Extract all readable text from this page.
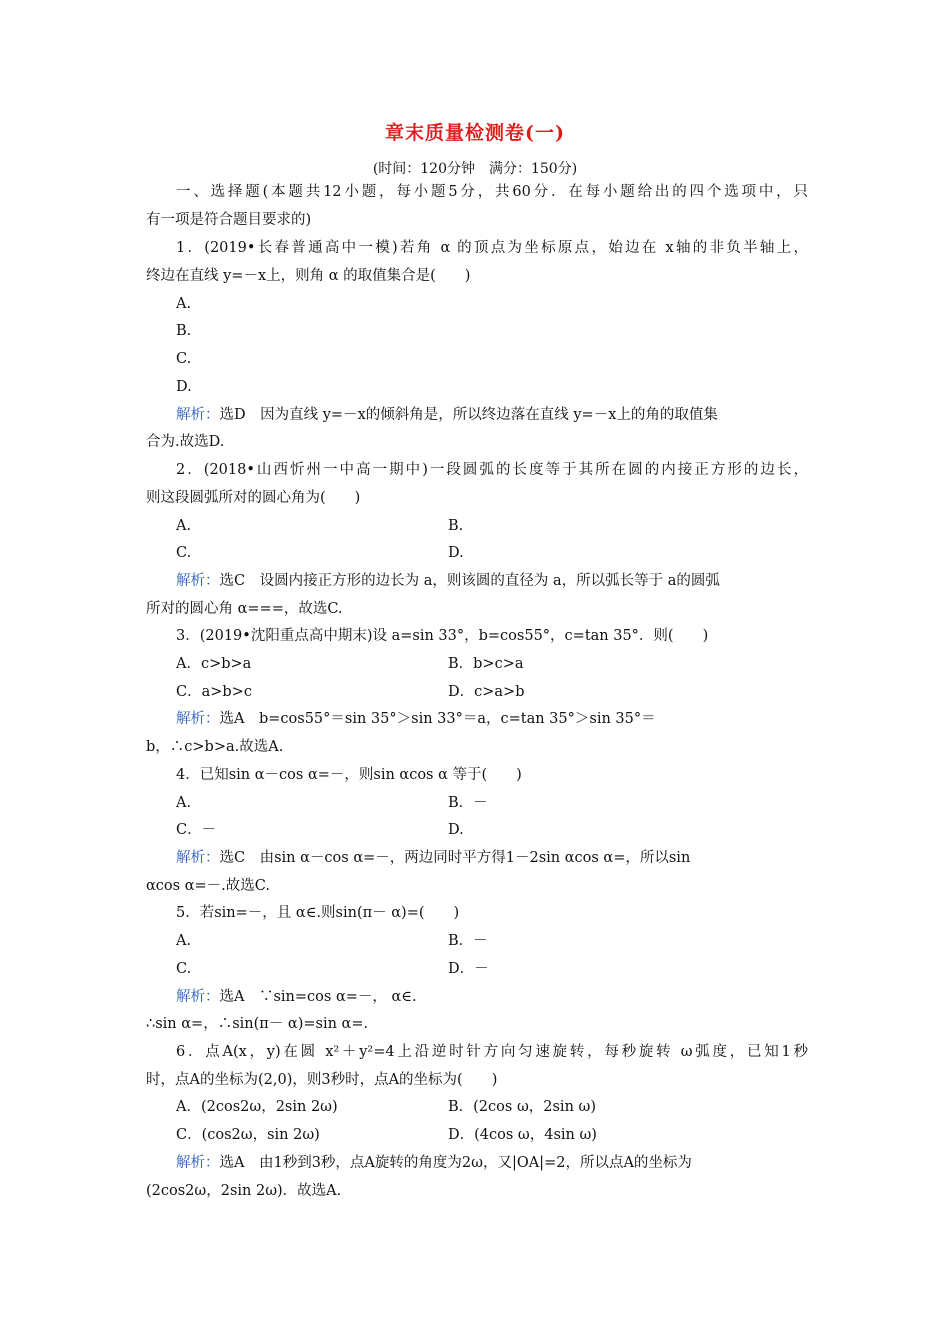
章末质量检测卷(一)
(时间：120分钟　满分：150分)
一、选择题(本题共12小题，每小题5分，共60分．在每小题给出的四个选项中，只
有一项是符合题目要求的)
1．(2019•长春普通高中一模)若角 α 的顶点为坐标原点，始边在 x轴的非负半轴上，
终边在直线 y=－x上，则角 α 的取值集合是(　　)
A.
B.
C.
D.
解析：选D　因为直线 y=－x的倾斜角是，所以终边落在直线 y=－x上的角的取值集
合为.故选D.
2．(2018•山西忻州一中高一期中)一段圆弧的长度等于其所在圆的内接正方形的边长，
则这段圆弧所对的圆心角为(　　)
A.	B.
C.	D.
解析：选C　设圆内接正方形的边长为 a，则该圆的直径为 a，所以弧长等于 a的圆弧
所对的圆心角 α===，故选C.
3．(2019•沈阳重点高中期末)设 a=sin 33°，b=cos55°，c=tan 35°．则(　　)
A．c>b>a	B．b>c>a
C．a>b>c	D．c>a>b
解析：选A　b=cos55°＝sin 35°＞sin 33°＝a，c=tan 35°＞sin 35°＝
b，∴c>b>a.故选A.
4．已知sin α－cos α=－，则sin αcos α 等于(　　)
A.	B．－
C．－	D.
解析：选C　由sin α－cos α=－，两边同时平方得1－2sin αcos α=，所以sin
αcos α=－.故选C.
5．若sin=－，且 α∈.则sin(π－ α)=(　　)
A.	B．－
C.	D．－
解析：选A　∵sin=cos α=－， α∈.
∴sin α=，∴sin(π－ α)=sin α=.
6．点A(x，y)在圆 x²＋y²=4上沿逆时针方向匀速旋转，每秒旋转 ω弧度，已知1秒
时，点A的坐标为(2,0)，则3秒时，点A的坐标为(　　)
A．(2cos2ω，2sin 2ω)	B．(2cos ω，2sin ω)
C．(cos2ω，sin 2ω)	D．(4cos ω，4sin ω)
解析：选A　由1秒到3秒，点A旋转的角度为2ω，又|OA|=2，所以点A的坐标为
(2cos2ω，2sin 2ω)．故选A.
